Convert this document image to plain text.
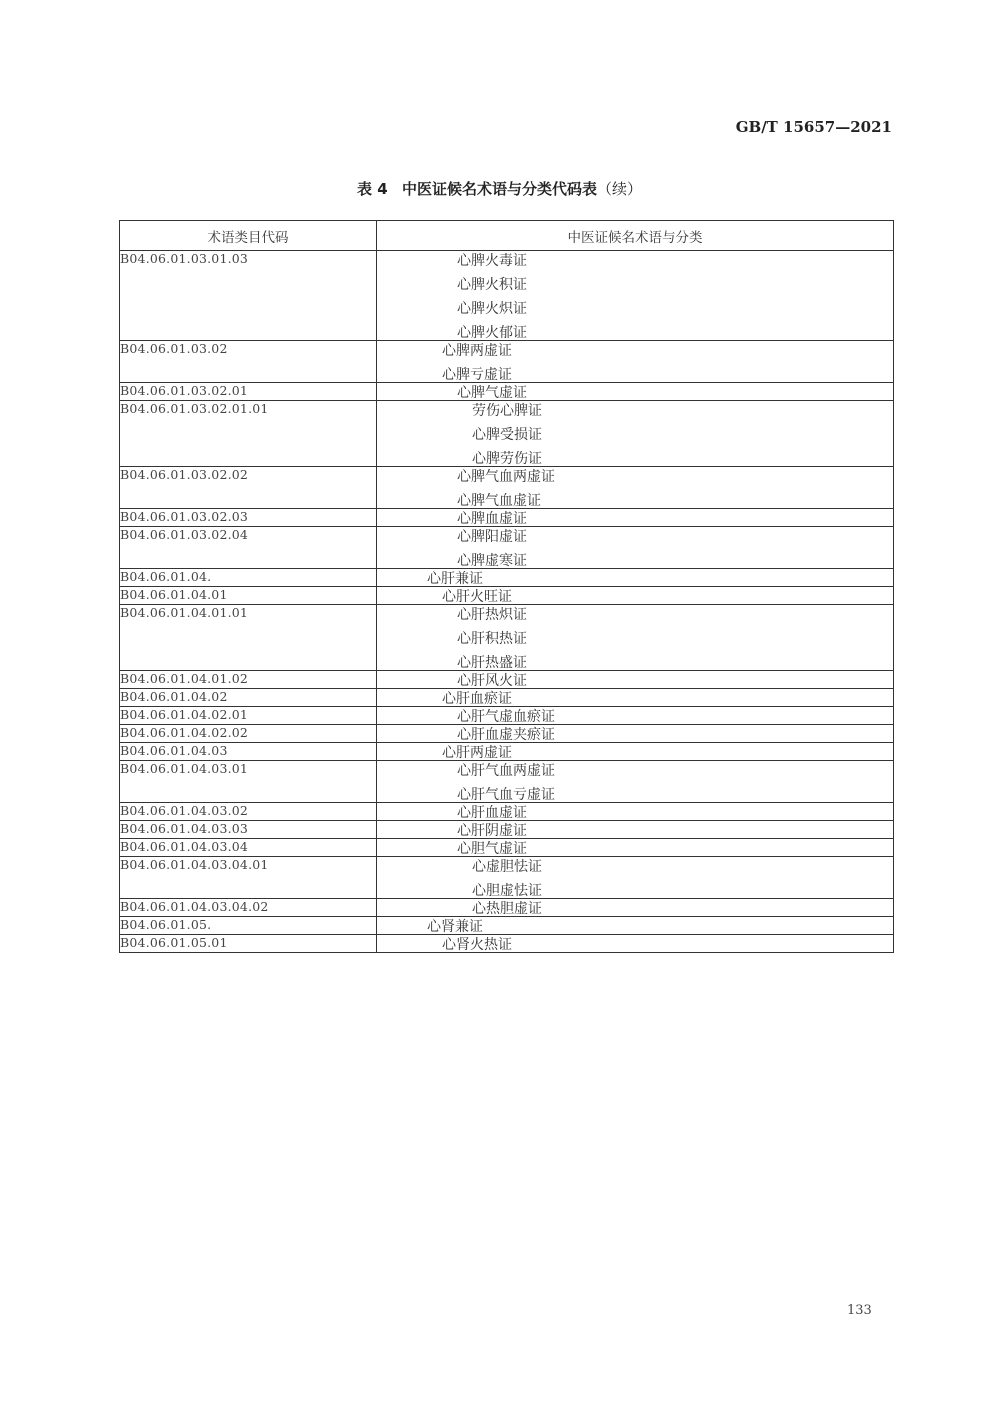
GB/T 15657—2021
表 4 中医证候名术语与分类代码表（续）
术语类目代码	中医证候名术语与分类
B04.06.01.03.01.03	心脾火毒证
心脾火积证
心脾火炽证
心脾火郁证

B04.06.01.03.02	心脾两虚证
心脾亏虚证

B04.06.01.03.02.01	心脾气虚证

B04.06.01.03.02.01.01	劳伤心脾证
心脾受损证
心脾劳伤证

B04.06.01.03.02.02	心脾气血两虚证
心脾气血虚证

B04.06.01.03.02.03	心脾血虚证

B04.06.01.03.02.04	心脾阳虚证
心脾虚寒证

B04.06.01.04.	心肝兼证

B04.06.01.04.01	心肝火旺证

B04.06.01.04.01.01	心肝热炽证
心肝积热证
心肝热盛证

B04.06.01.04.01.02	心肝风火证

B04.06.01.04.02	心肝血瘀证

B04.06.01.04.02.01	心肝气虚血瘀证

B04.06.01.04.02.02	心肝血虚夹瘀证

B04.06.01.04.03	心肝两虚证

B04.06.01.04.03.01	心肝气血两虚证
心肝气血亏虚证

B04.06.01.04.03.02	心肝血虚证

B04.06.01.04.03.03	心肝阴虚证

B04.06.01.04.03.04	心胆气虚证

B04.06.01.04.03.04.01	心虚胆怯证
心胆虚怯证

B04.06.01.04.03.04.02	心热胆虚证

B04.06.01.05.	心肾兼证

B04.06.01.05.01	心肾火热证
133
